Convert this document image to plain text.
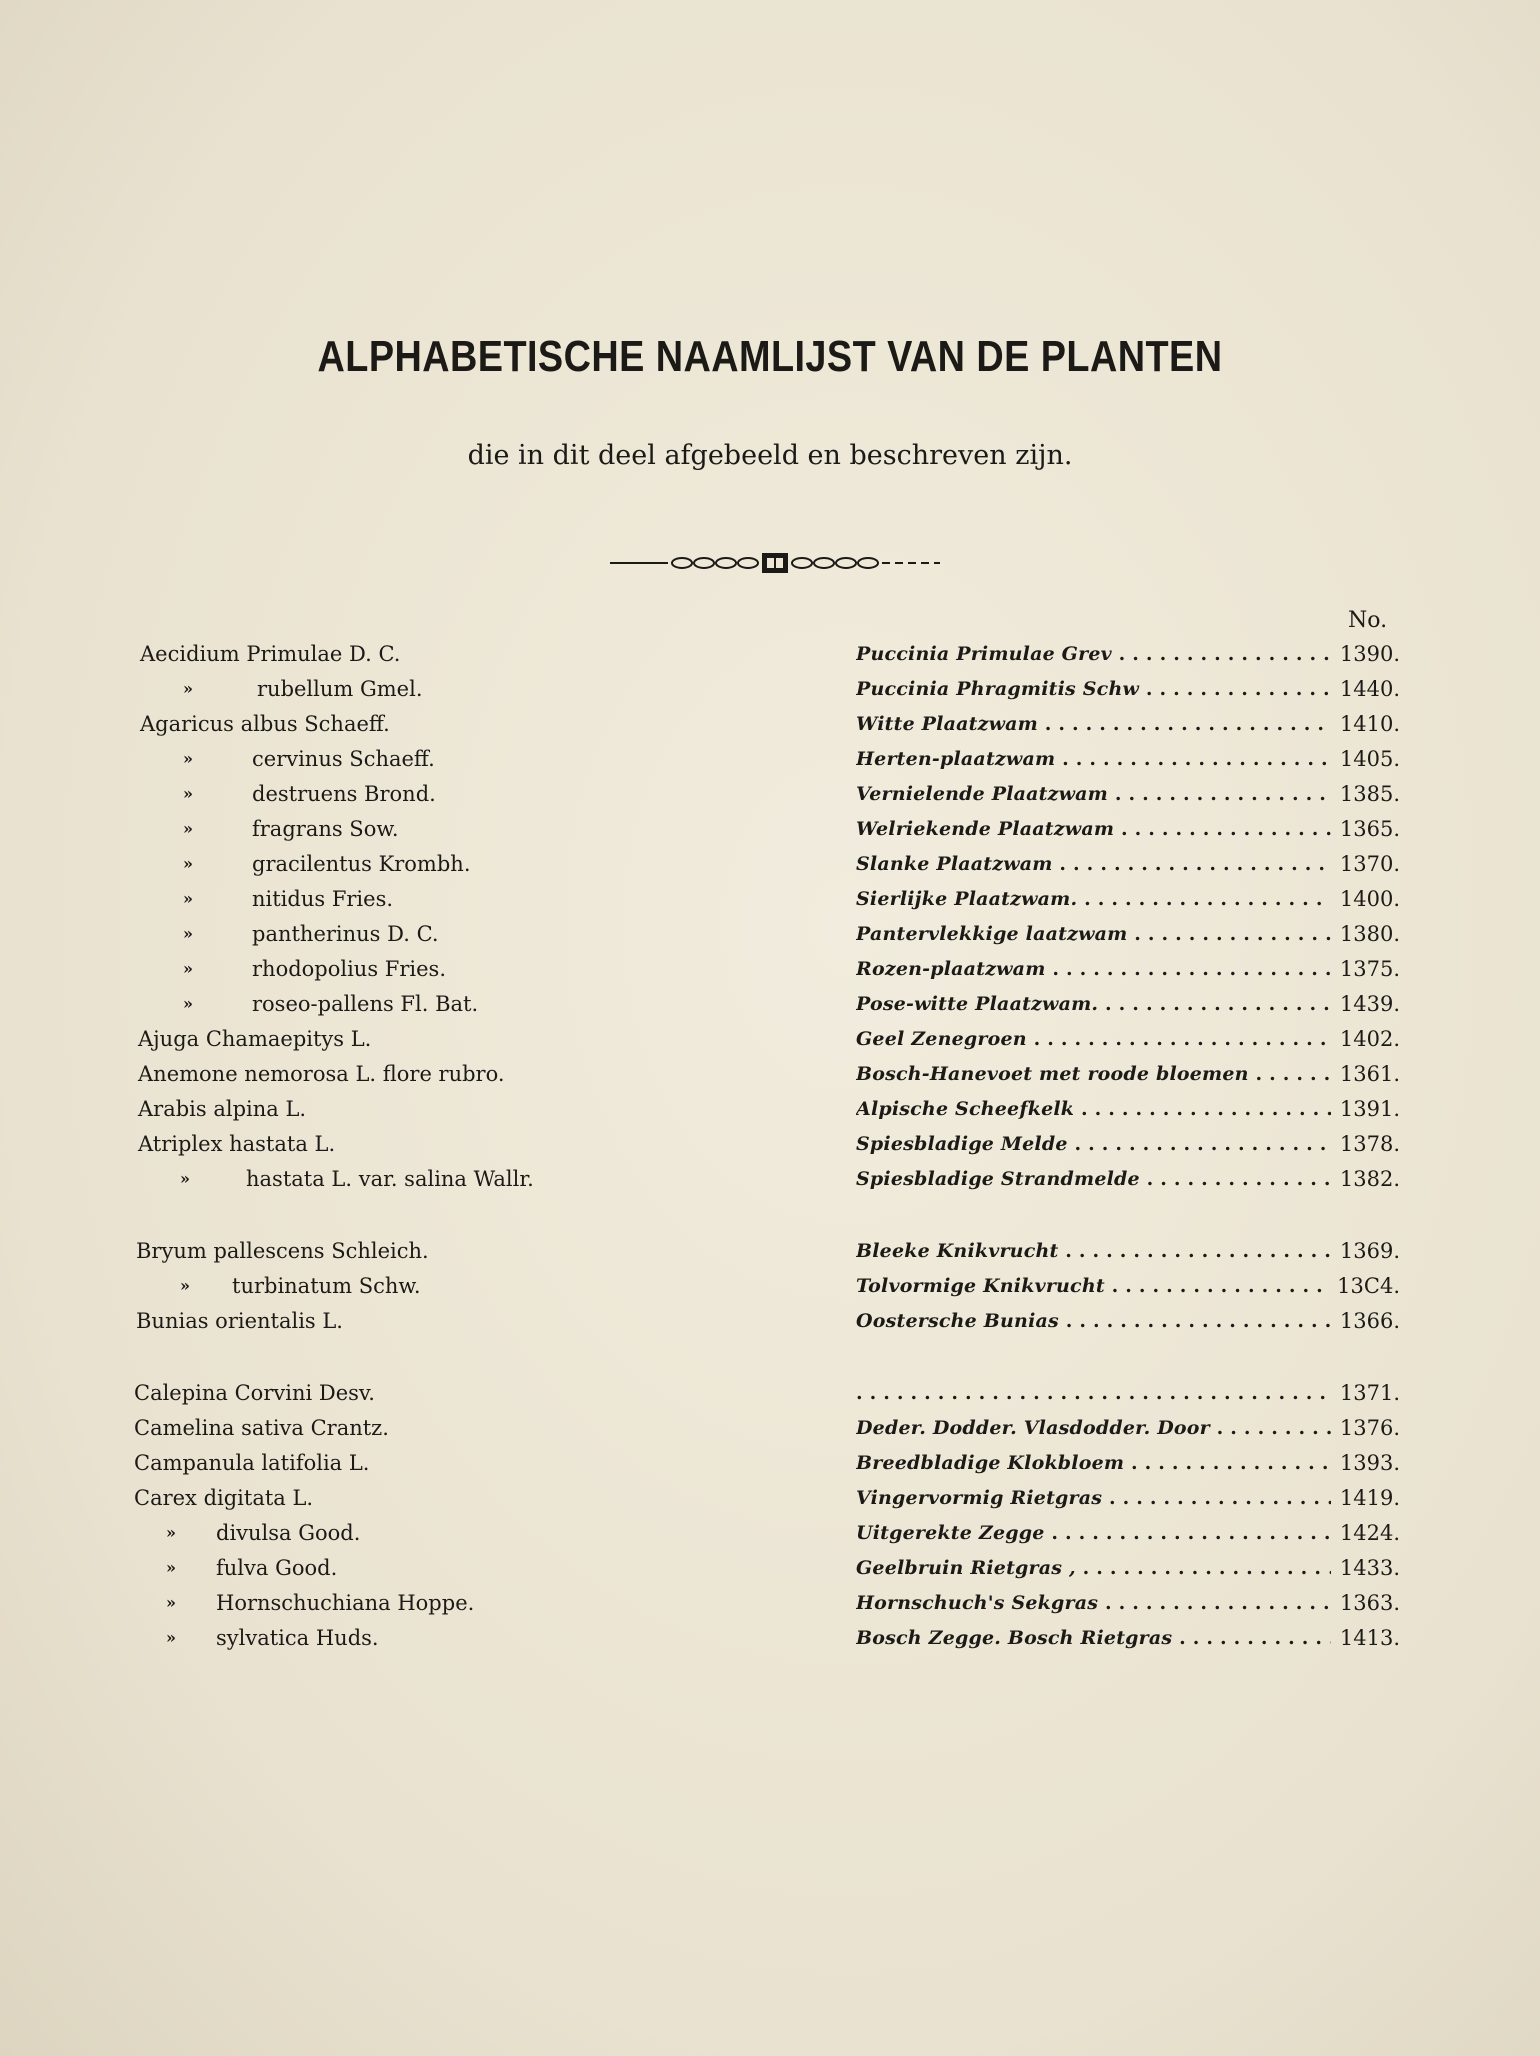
ALPHABETISCHE NAAMLIJST VAN DE PLANTEN
die in dit deel afgebeeld en beschreven zijn.
No.
Aecidium Primulae D. C.	Puccinia Primulae Grev . . .	1390.
»	rubellum Gmel.	Puccinia Phragmitis Schw . . .	1440.
Agaricus albus Schaeff.	Witte Plaatzwam . . .	1410.
»	cervinus Schaeff.	Herten-plaatzwam . . .	1405.
»	destruens Brond.	Vernielende Plaatzwam . . .	1385.
»	fragrans Sow.	Welriekende Plaatzwam . . .	1365.
»	gracilentus Krombh.	Slanke Plaatzwam . . .	1370.
»	nitidus Fries.	Sierlijke Plaatzwam. . . .	1400.
»	pantherinus D. C.	Pantervlekkige laatzwam . . .	1380.
»	rhodopolius Fries.	Rozen-plaatzwam . . .	1375.
»	roseo-pallens Fl. Bat.	Pose-witte Plaatzwam. . . .	1439.
Ajuga Chamaepitys L.	Geel Zenegroen . . .	1402.
Anemone nemorosa L. flore rubro.	Bosch-Hanevoet met roode bloemen . . .	1361.
Arabis alpina L.	Alpische Scheefkelk . . .	1391.
Atriplex hastata L.	Spiesbladige Melde . . .	1378.
»	hastata L. var. salina Wallr.	Spiesbladige Strandmelde . . .	1382.
Bryum pallescens Schleich.	Bleeke Knikvrucht . . .	1369.
» turbinatum Schw.	Tolvormige Knikvrucht . . .	13C4.
Bunias orientalis L.	Oostersche Bunias . . .	1366.
Calepina Corvini Desv.
. . .	1371.
Camelina sativa Crantz.	Deder. Dodder. Vlasdodder. Door . . .	1376.
Campanula latifolia L.	Breedbladige Klokbloem . . .	1393.
Carex digitata L.	Vingervormig Rietgras . . .	1419.
» divulsa Good.	Uitgerekte Zegge . . .	1424.
» fulva Good.	Geelbruin Rietgras , . . .	1433.
» Hornschuchiana Hoppe.	Hornschuch's Sekgras . . .	1363.
» sylvatica Huds.	Bosch Zegge. Bosch Rietgras . . .	1413.
